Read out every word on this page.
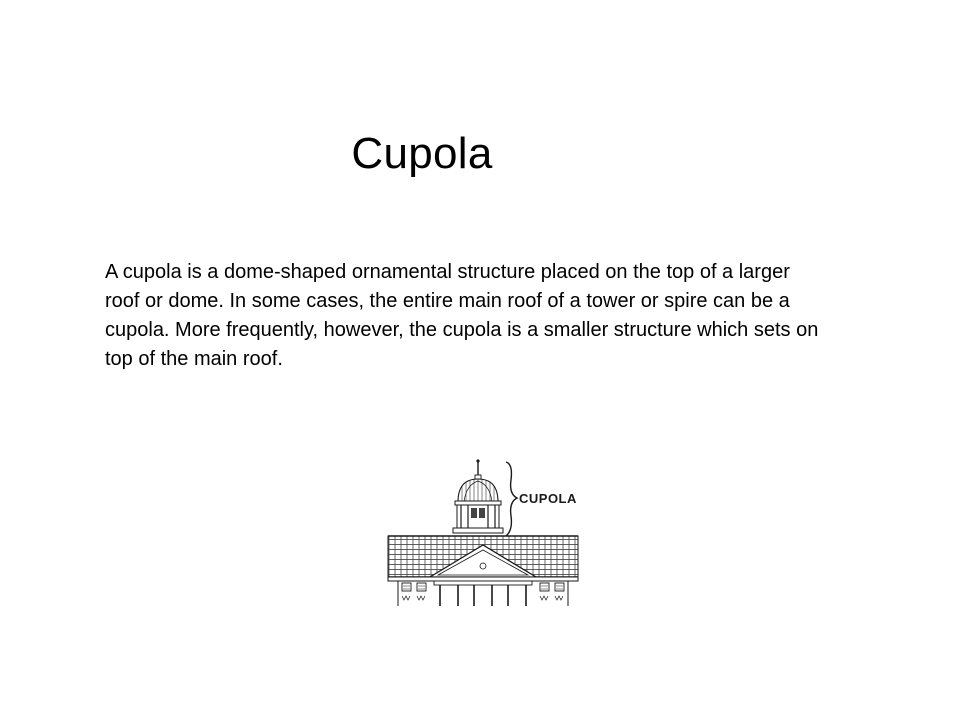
Cupola

A cupola is a dome-shaped ornamental structure placed on the top of a larger roof or dome. In some cases, the entire main roof of a tower or spire can be a cupola. More frequently, however, the cupola is a smaller structure which sets on top of the main roof.

CUPOLA
